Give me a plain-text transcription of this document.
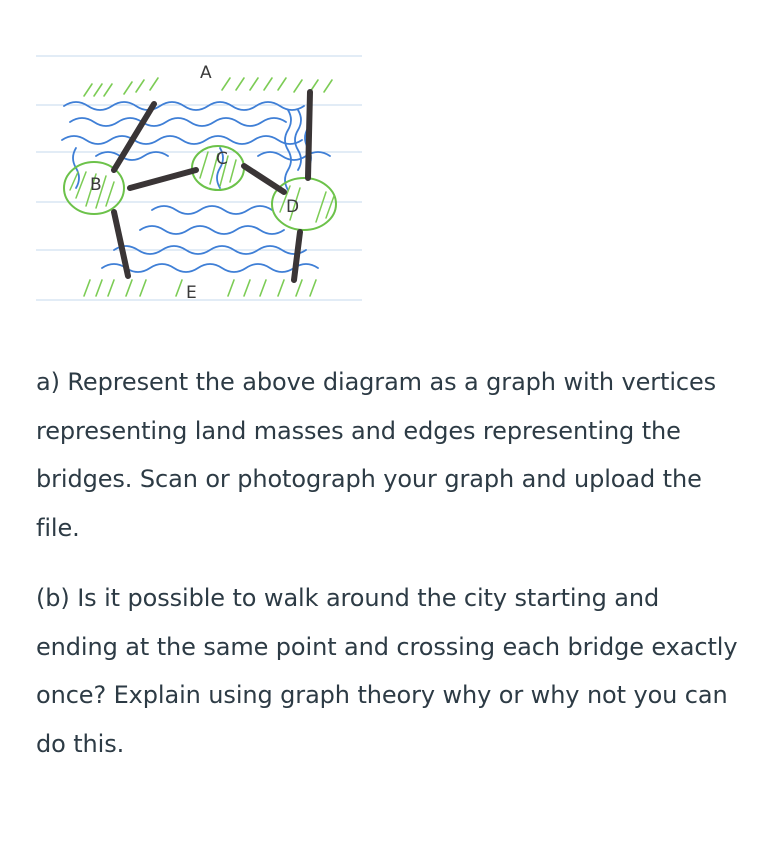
A
B
C
D
E

a) Represent the above diagram as a graph with vertices representing land masses and edges representing the bridges. Scan or photograph your graph and upload the file.

(b) Is it possible to walk around the city starting and ending at the same point and crossing each bridge exactly once? Explain using graph theory why or why not you can do this.
